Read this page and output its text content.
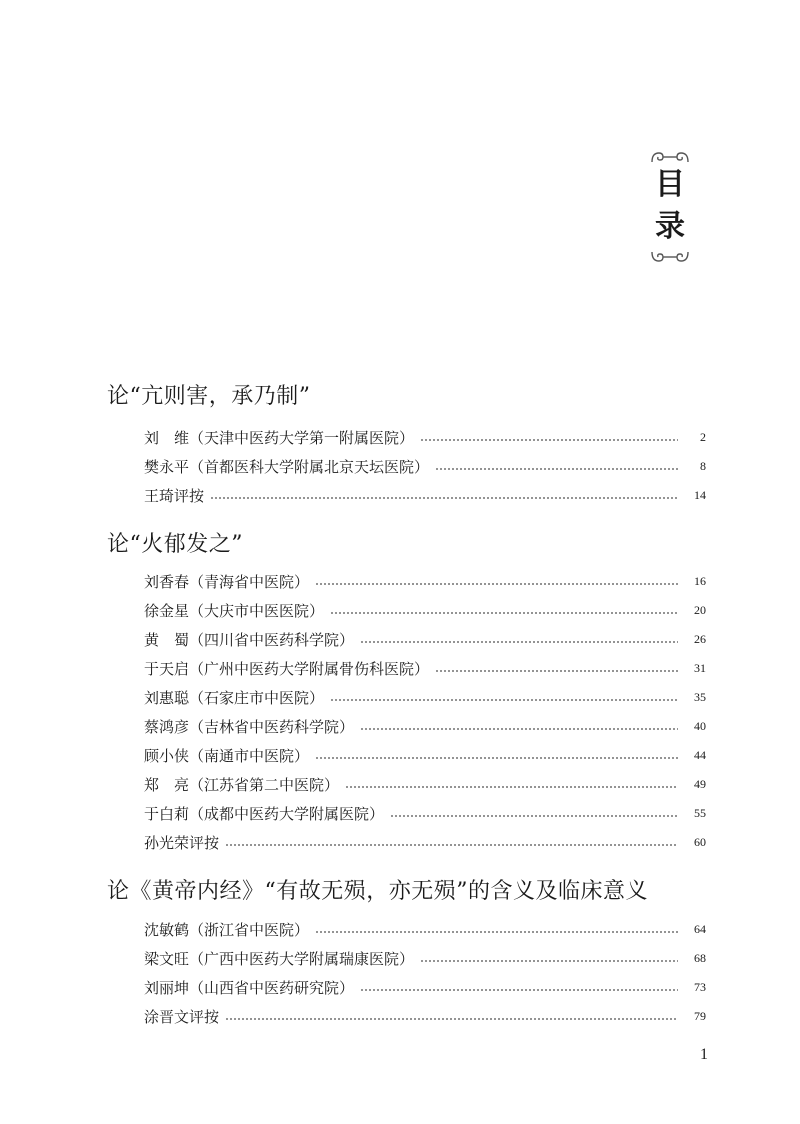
目
录
论“亢则害，承乃制”
刘　维（天津中医药大学第一附属医院）	2
樊永平（首都医科大学附属北京天坛医院）	8
王琦评按	14
论“火郁发之”
刘香春（青海省中医院）	16
徐金星（大庆市中医医院）	20
黄　蜀（四川省中医药科学院）	26
于天启（广州中医药大学附属骨伤科医院）	31
刘惠聪（石家庄市中医院）	35
蔡鸿彦（吉林省中医药科学院）	40
顾小侠（南通市中医院）	44
郑　亮（江苏省第二中医院）	49
于白莉（成都中医药大学附属医院）	55
孙光荣评按	60
论《黄帝内经》“有故无殒，亦无殒”的含义及临床意义
沈敏鹤（浙江省中医院）	64
梁文旺（广西中医药大学附属瑞康医院）	68
刘丽坤（山西省中医药研究院）	73
涂晋文评按	79
1
